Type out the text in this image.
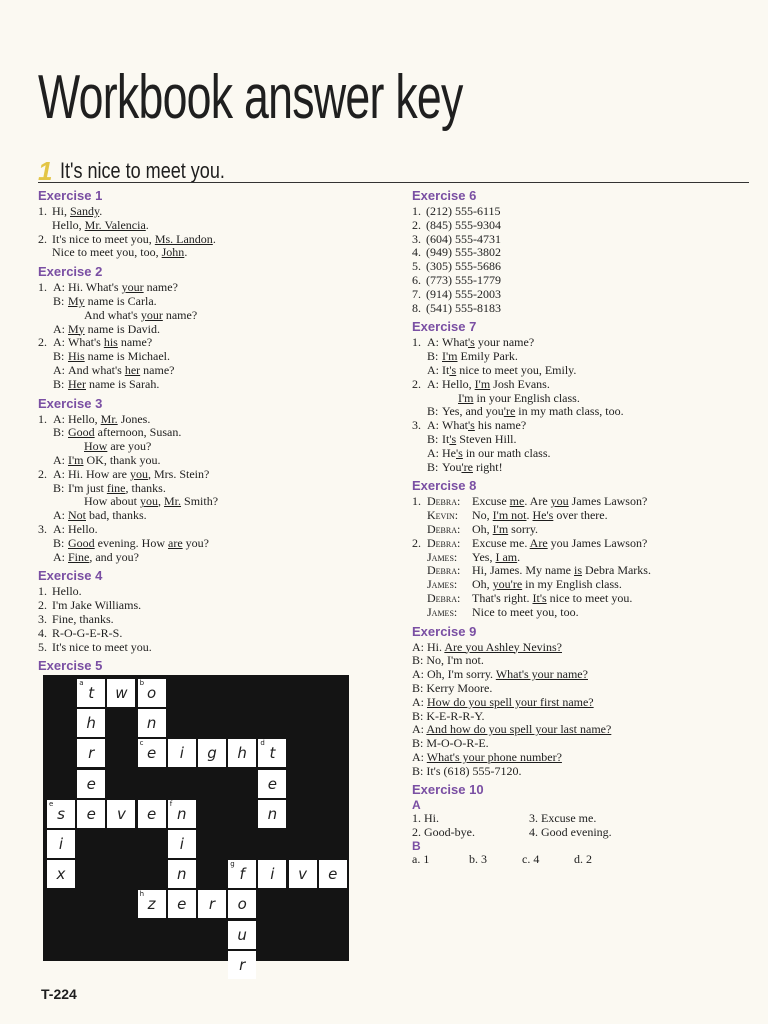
Workbook answer key
1 It's nice to meet you.
Exercise 1
1. Hi, Sandy.
Hello, Mr. Valencia.
2. It's nice to meet you, Ms. Landon.
Nice to meet you, too, John.
Exercise 2
1. A: Hi. What's your name?
B: My name is Carla.
And what's your name?
A: My name is David.
2. A: What's his name?
B: His name is Michael.
A: And what's her name?
B: Her name is Sarah.
Exercise 3
1. A: Hello, Mr. Jones.
B: Good afternoon, Susan.
How are you?
A: I'm OK, thank you.
2. A: Hi. How are you, Mrs. Stein?
B: I'm just fine, thanks.
How about you, Mr. Smith?
A: Not bad, thanks.
3. A: Hello.
B: Good evening. How are you?
A: Fine, and you?
Exercise 4
1. Hello.
2. I'm Jake Williams.
3. Fine, thanks.
4. R-O-G-E-R-S.
5. It's nice to meet you.
Exercise 5
a
t w
b
o
h	n
r
c
e i g h
d
t
e	e
e
s e v e
f
n	n
i	i
x	n
g
f i v e
h
z e r o
u
r
Exercise 6
1. (212) 555-6115
2. (845) 555-9304
3. (604) 555-4731
4. (949) 555-3802
5. (305) 555-5686
6. (773) 555-1779
7. (914) 555-2003
8. (541) 555-8183
Exercise 7
1. A: What's your name?
B: I'm Emily Park.
A: It's nice to meet you, Emily.
2. A: Hello, I'm Josh Evans.
I'm in your English class.
B: Yes, and you're in my math class, too.
3. A: What's his name?
B: It's Steven Hill.
A: He's in our math class.
B: You're right!
Exercise 8
1. Debra: Excuse me. Are you James Lawson?
Kevin: No, I'm not. He's over there.
Debra: Oh, I'm sorry.
2. Debra: Excuse me. Are you James Lawson?
James: Yes, I am.
Debra: Hi, James. My name is Debra Marks.
James: Oh, you're in my English class.
Debra: That's right. It's nice to meet you.
James: Nice to meet you, too.
Exercise 9
A: Hi. Are you Ashley Nevins?
B: No, I'm not.
A: Oh, I'm sorry. What's your name?
B: Kerry Moore.
A: How do you spell your first name?
B: K-E-R-R-Y.
A: And how do you spell your last name?
B: M-O-O-R-E.
A: What's your phone number?
B: It's (618) 555-7120.
Exercise 10
A
1. Hi.
2. Good-bye.
3. Excuse me.
4. Good evening.
B
a. 1	b. 3	c. 4	d. 2
T-224
